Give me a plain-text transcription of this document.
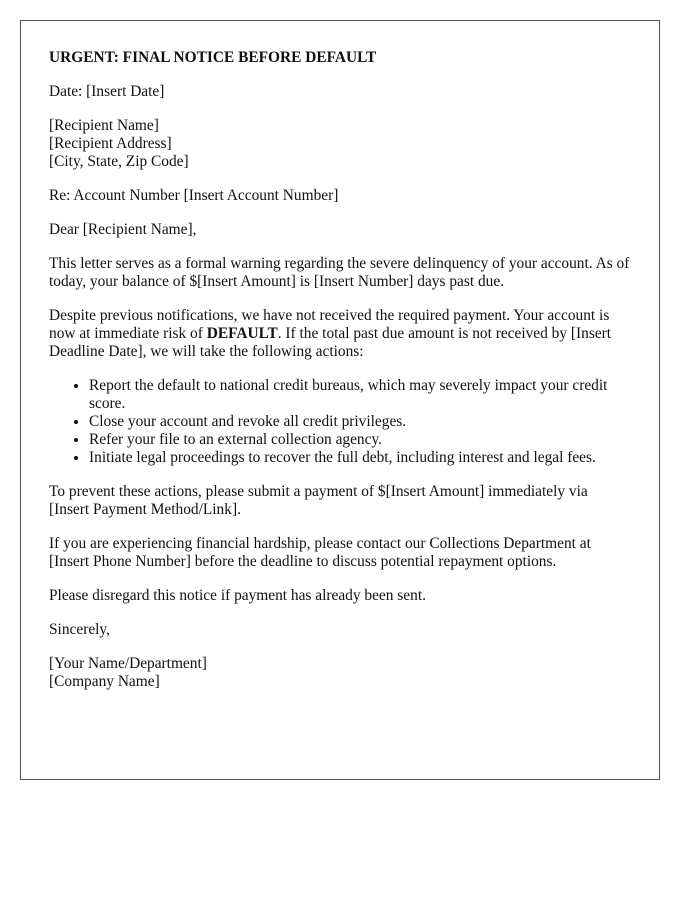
URGENT: FINAL NOTICE BEFORE DEFAULT

Date: [Insert Date]

[Recipient Name]
[Recipient Address]
[City, State, Zip Code]

Re: Account Number [Insert Account Number]

Dear [Recipient Name],

This letter serves as a formal warning regarding the severe delinquency of your account. As of today, your balance of $[Insert Amount] is [Insert Number] days past due.

Despite previous notifications, we have not received the required payment. Your account is now at immediate risk of DEFAULT. If the total past due amount is not received by [Insert Deadline Date], we will take the following actions:

• Report the default to national credit bureaus, which may severely impact your credit score.
• Close your account and revoke all credit privileges.
• Refer your file to an external collection agency.
• Initiate legal proceedings to recover the full debt, including interest and legal fees.

To prevent these actions, please submit a payment of $[Insert Amount] immediately via [Insert Payment Method/Link].

If you are experiencing financial hardship, please contact our Collections Department at [Insert Phone Number] before the deadline to discuss potential repayment options.

Please disregard this notice if payment has already been sent.

Sincerely,

[Your Name/Department]
[Company Name]
